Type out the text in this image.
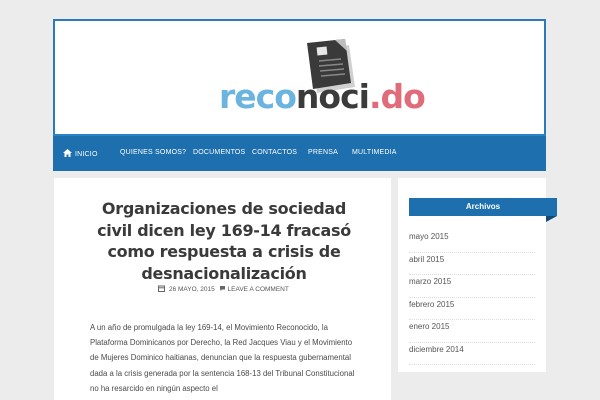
reconoci.do
INICIO	QUIENES SOMOS? DOCUMENTOS CONTACTOS PRENSA MULTIMEDIA
Organizaciones de sociedad civil dicen ley 169-14 fracasó como respuesta a crisis de desnacionalización
26 MAYO, 2015 LEAVE A COMMENT

A un año de promulgada la ley 169-14, el Movimiento Reconocido, la Plataforma Dominicanos por Derecho, la Red Jacques Viau y el Movimiento de Mujeres Dominico haitianas, denuncian que la respuesta gubernamental dada a la crisis generada por la sentencia 168-13 del Tribunal Constitucional no ha resarcido en ningún aspecto el

Archivos
mayo 2015
abril 2015
marzo 2015
febrero 2015
enero 2015
diciembre 2014
